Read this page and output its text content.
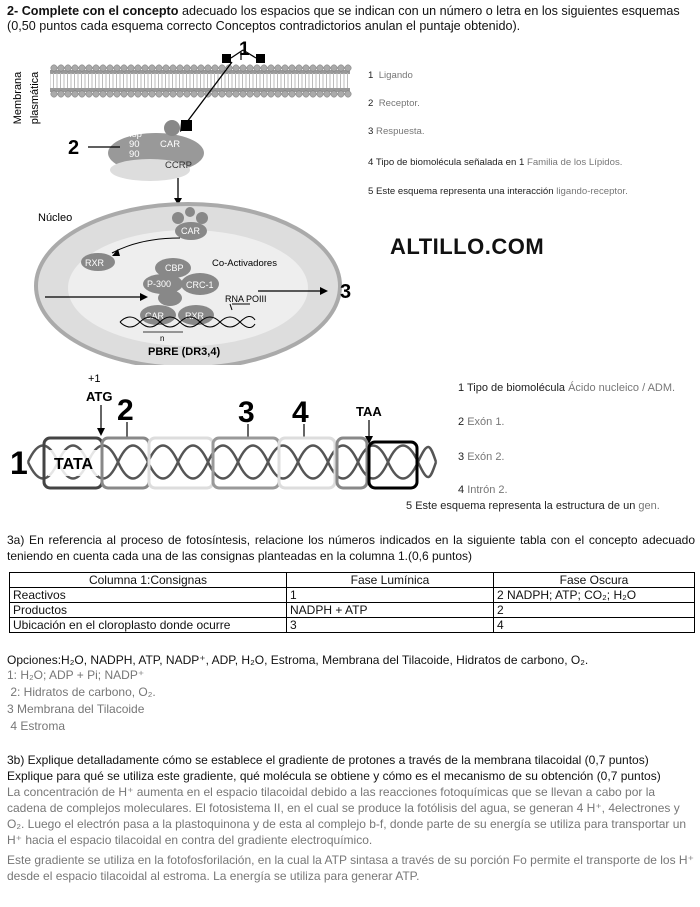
2- Complete con el concepto adecuado los espacios que se indican con un número o letra en los siguientes esquemas (0,50 puntos cada esquema correcto Conceptos contradictorios anulan el puntaje obtenido).
Membrana plasmática
1
Hsp
90
90
CAR
CCRP
2
Núcleo
CAR
RXR	CBP
P-300 CRC-1
Co-Activadores
CAR RXR
n
RNA POIII	3
PBRE (DR3,4)
1 Ligando
2 Receptor.
3 Respuesta.
4 Tipo de biomolécula señalada en 1 Familia de los Lípidos.
5 Este esquema representa una interacción ligando-receptor.
ALTILLO.COM
+1
ATG 2	3 4	TAA
TATA
1
1 Tipo de biomolécula Ácido nucleico / ADM.
2 Exón 1.
3 Exón 2.
4 Intrón 2.
5 Este esquema representa la estructura de un gen.
3a) En referencia al proceso de fotosíntesis, relacione los números indicados en la siguiente tabla con el concepto adecuado teniendo en cuenta cada una de las consignas planteadas en la columna 1.(0,6 puntos)
Columna 1:Consignas	Fase Lumínica	Fase Oscura
Reactivos	1	2 NADPH; ATP; CO₂; H₂O
Productos	NADPH + ATP	2
Ubicación en el cloroplasto donde ocurre	3	4
Opciones:H₂O, NADPH, ATP, NADP⁺, ADP, H₂O, Estroma, Membrana del Tilacoide, Hidratos de carbono, O₂.
1: H₂O; ADP + Pi; NADP⁺
2: Hidratos de carbono, O₂.
3 Membrana del Tilacoide
4 Estroma
3b) Explique detalladamente cómo se establece el gradiente de protones a través de la membrana tilacoidal (0,7 puntos)
Explique para qué se utiliza este gradiente, qué molécula se obtiene y cómo es el mecanismo de su obtención (0,7 puntos)
La concentración de H⁺ aumenta en el espacio tilacoidal debido a las reacciones fotoquímicas que se llevan a cabo por la cadena de complejos moleculares. El fotosistema II, en el cual se produce la fotólisis del agua, se generan 4 H⁺, 4electrones y O₂. Luego el electrón pasa a la plastoquinona y de esta al complejo b-f, donde parte de su energía se utiliza para transportar un H⁺ hacia el espacio tilacoidal en contra del gradiente electroquímico.
Este gradiente se utiliza en la fotofosforilación, en la cual la ATP sintasa a través de su porción Fo permite el transporte de los H⁺ desde el espacio tilacoidal al estroma. La energía se utiliza para generar ATP.
